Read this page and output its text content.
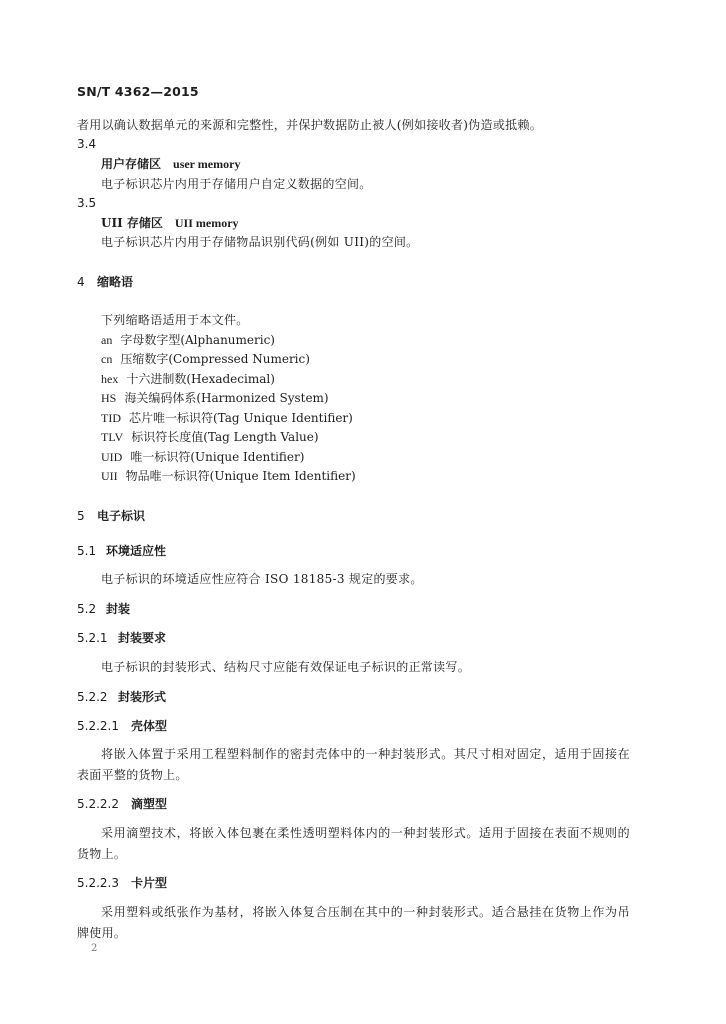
SN/T 4362—2015
者用以确认数据单元的来源和完整性，并保护数据防止被人(例如接收者)伪造或抵赖。
3.4
用户存储区 user memory
电子标识芯片内用于存储用户自定义数据的空间。
3.5
UII 存储区 UII memory
电子标识芯片内用于存储物品识别代码(例如 UII)的空间。
4 缩略语
下列缩略语适用于本文件。
an 字母数字型(Alphanumeric)
cn 压缩数字(Compressed Numeric)
hex 十六进制数(Hexadecimal)
HS 海关编码体系(Harmonized System)
TID 芯片唯一标识符(Tag Unique Identifier)
TLV 标识符长度值(Tag Length Value)
UID 唯一标识符(Unique Identifier)
UII 物品唯一标识符(Unique Item Identifier)
5 电子标识
5.1 环境适应性
电子标识的环境适应性应符合 ISO 18185-3 规定的要求。
5.2 封装
5.2.1 封装要求
电子标识的封装形式、结构尺寸应能有效保证电子标识的正常读写。
5.2.2 封装形式
5.2.2.1 壳体型
将嵌入体置于采用工程塑料制作的密封壳体中的一种封装形式。其尺寸相对固定，适用于固接在
表面平整的货物上。
5.2.2.2 滴塑型
采用滴塑技术，将嵌入体包裹在柔性透明塑料体内的一种封装形式。适用于固接在表面不规则的
货物上。
5.2.2.3 卡片型
采用塑料或纸张作为基材，将嵌入体复合压制在其中的一种封装形式。适合悬挂在货物上作为吊
牌使用。
2
